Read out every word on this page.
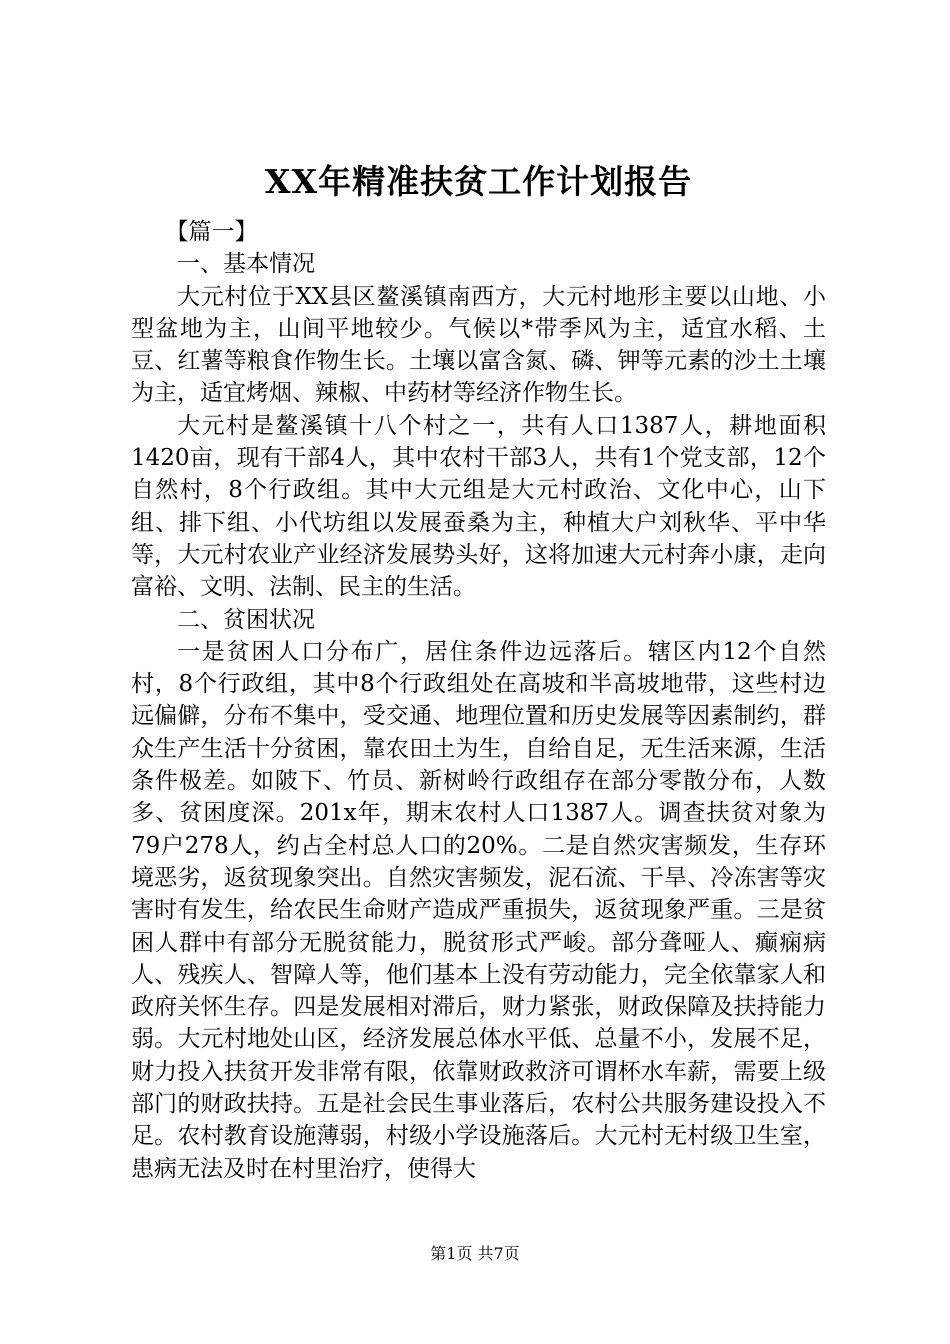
XX年精准扶贫工作计划报告

【篇一】

一、基本情况

大元村位于XX县区鳌溪镇南西方，大元村地形主要以山地、小型盆地为主，山间平地较少。气候以*带季风为主，适宜水稻、土豆、红薯等粮食作物生长。土壤以富含氮、磷、钾等元素的沙土土壤为主，适宜烤烟、辣椒、中药材等经济作物生长。

大元村是鳌溪镇十八个村之一，共有人口1387人，耕地面积1420亩，现有干部4人，其中农村干部3人，共有1个党支部，12个自然村，8个行政组。其中大元组是大元村政治、文化中心，山下组、排下组、小代坊组以发展蚕桑为主，种植大户刘秋华、平中华等，大元村农业产业经济发展势头好，这将加速大元村奔小康，走向富裕、文明、法制、民主的生活。

二、贫困状况

一是贫困人口分布广，居住条件边远落后。辖区内12个自然村，8个行政组，其中8个行政组处在高坡和半高坡地带，这些村边远偏僻，分布不集中，受交通、地理位置和历史发展等因素制约，群众生产生活十分贫困，靠农田土为生，自给自足，无生活来源，生活条件极差。如陂下、竹员、新树岭行政组存在部分零散分布，人数多、贫困度深。201x年，期末农村人口1387人。调查扶贫对象为79户278人，约占全村总人口的20%。二是自然灾害频发，生存环境恶劣，返贫现象突出。自然灾害频发，泥石流、干旱、冷冻害等灾害时有发生，给农民生命财产造成严重损失，返贫现象严重。三是贫困人群中有部分无脱贫能力，脱贫形式严峻。部分聋哑人、癫痫病人、残疾人、智障人等，他们基本上没有劳动能力，完全依靠家人和政府关怀生存。四是发展相对滞后，财力紧张，财政保障及扶持能力弱。大元村地处山区，经济发展总体水平低、总量不小，发展不足，财力投入扶贫开发非常有限，依靠财政救济可谓杯水车薪，需要上级部门的财政扶持。五是社会民生事业落后，农村公共服务建设投入不足。农村教育设施薄弱，村级小学设施落后。大元村无村级卫生室，患病无法及时在村里治疗，使得大

第1页 共7页
